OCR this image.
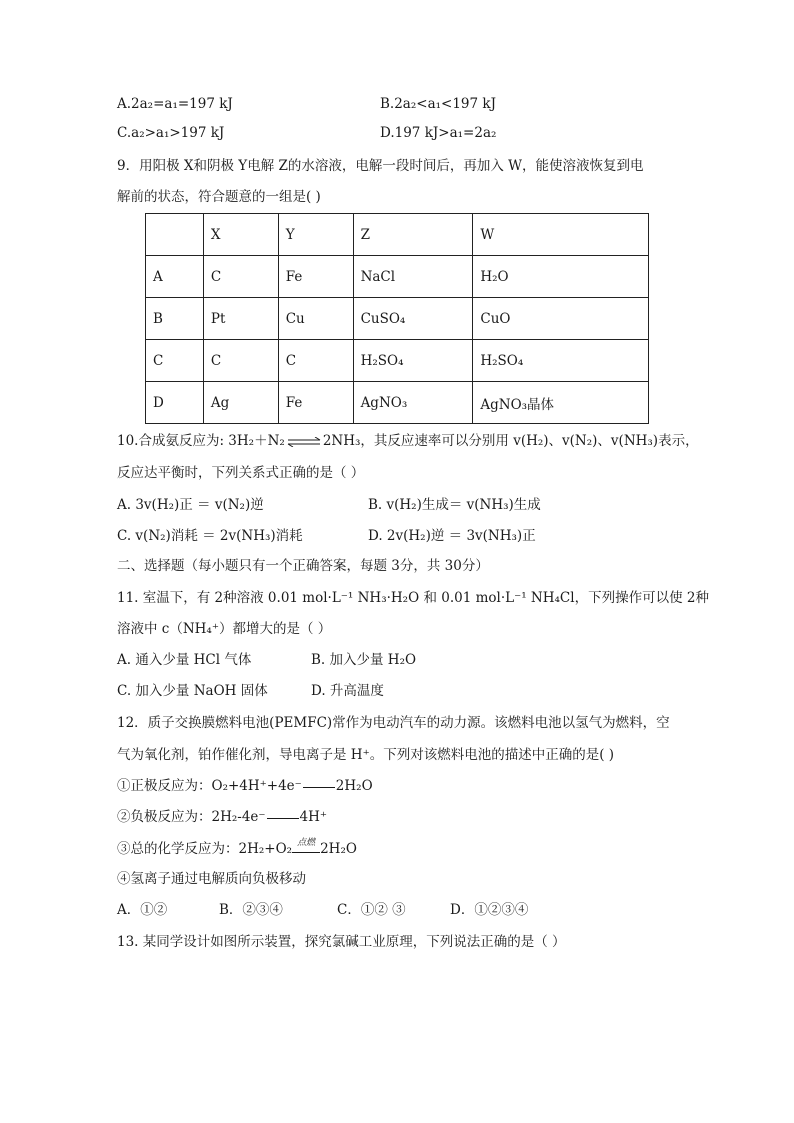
A.2a₂=a₁=197 kJ	B.2a₂<a₁<197 kJ
C.a₂>a₁>197 kJ	D.197 kJ>a₁=2a₂
9．用阳极 X和阴极 Y电解 Z的水溶液，电解一段时间后，再加入 W，能使溶液恢复到电
解前的状态，符合题意的一组是( )
	X	Y	Z	W
A	C	Fe	NaCl	H₂O
B	Pt	Cu	CuSO₄	CuO
C	C	C	H₂SO₄	H₂SO₄
D	Ag	Fe	AgNO₃	AgNO₃晶体
10.合成氨反应为: 3H₂＋N₂ ⇌ 2NH₃，其反应速率可以分别用 v(H₂)、v(N₂)、v(NH₃)表示，
反应达平衡时，下列关系式正确的是（ ）
A. 3v(H₂)正 ＝ v(N₂)逆	B. v(H₂)生成＝ v(NH₃)生成
C. v(N₂)消耗 ＝ 2v(NH₃)消耗	D. 2v(H₂)逆 ＝ 3v(NH₃)正
二、选择题（每小题只有一个正确答案，每题 3分，共 30分）
11. 室温下，有 2种溶液 0.01 mol·L⁻¹ NH₃·H₂O 和 0.01 mol·L⁻¹ NH₄Cl，下列操作可以使 2种
溶液中 c（NH₄⁺）都增大的是（ ）
A. 通入少量 HCl 气体	B. 加入少量 H₂O
C. 加入少量 NaOH 固体	D. 升高温度
12．质子交换膜燃料电池(PEMFC)常作为电动汽车的动力源。该燃料电池以氢气为燃料，空
气为氧化剂，铂作催化剂，导电离子是 H⁺。下列对该燃料电池的描述中正确的是( )
①正极反应为：O₂+4H⁺+4e⁻	2H₂O
②负极反应为：2H₂-4e⁻	4H⁺
③总的化学反应为：2H₂+O₂ 点燃 2H₂O
④氢离子通过电解质向负极移动
A．①②	B．②③④	C．①② ③	D．①②③④
13. 某同学设计如图所示装置，探究氯碱工业原理，下列说法正确的是（ ）
